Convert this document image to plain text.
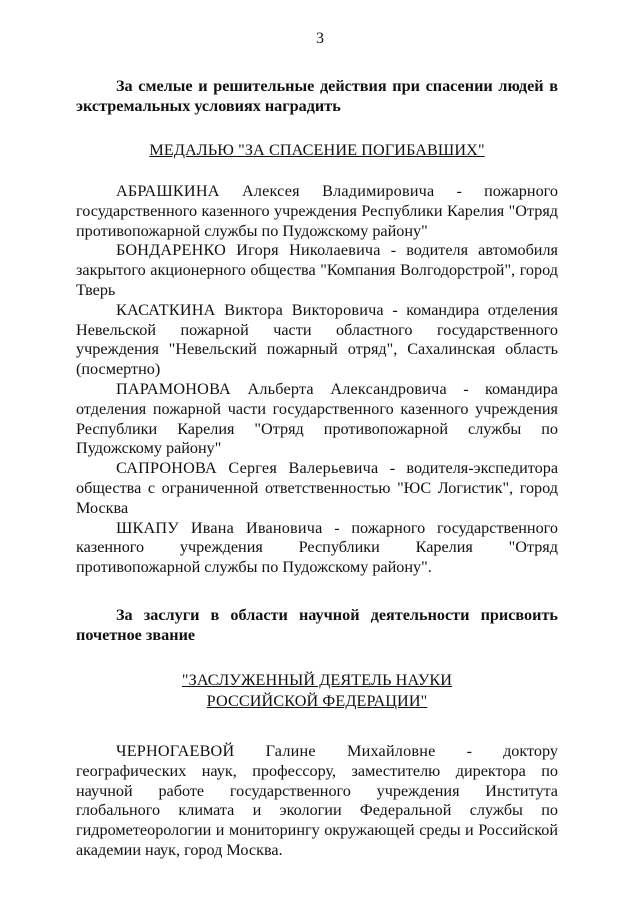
3

За смелые и решительные действия при спасении людей в экстремальных условиях наградить

МЕДАЛЬЮ "ЗА СПАСЕНИЕ ПОГИБАВШИХ"

АБРАШКИНА Алексея Владимировича - пожарного государственного казенного учреждения Республики Карелия "Отряд противопожарной службы по Пудожскому району"

БОНДАРЕНКО Игоря Николаевича - водителя автомобиля закрытого акционерного общества "Компания Волгодорстрой", город Тверь

КАСАТКИНА Виктора Викторовича - командира отделения Невельской пожарной части областного государственного учреждения "Невельский пожарный отряд", Сахалинская область (посмертно)

ПАРАМОНОВА Альберта Александровича - командира отделения пожарной части государственного казенного учреждения Республики Карелия "Отряд противопожарной службы по Пудожскому району"

САПРОНОВА Сергея Валерьевича - водителя-экспедитора общества с ограниченной ответственностью "ЮС Логистик", город Москва

ШКАПУ Ивана Ивановича - пожарного государственного казенного учреждения Республики Карелия "Отряд противопожарной службы по Пудожскому району".

За заслуги в области научной деятельности присвоить почетное звание

"ЗАСЛУЖЕННЫЙ ДЕЯТЕЛЬ НАУКИ
РОССИЙСКОЙ ФЕДЕРАЦИИ"

ЧЕРНОГАЕВОЙ Галине Михайловне - доктору географических наук, профессору, заместителю директора по научной работе государственного учреждения Института глобального климата и экологии Федеральной службы по гидрометеорологии и мониторингу окружающей среды и Российской академии наук, город Москва.
